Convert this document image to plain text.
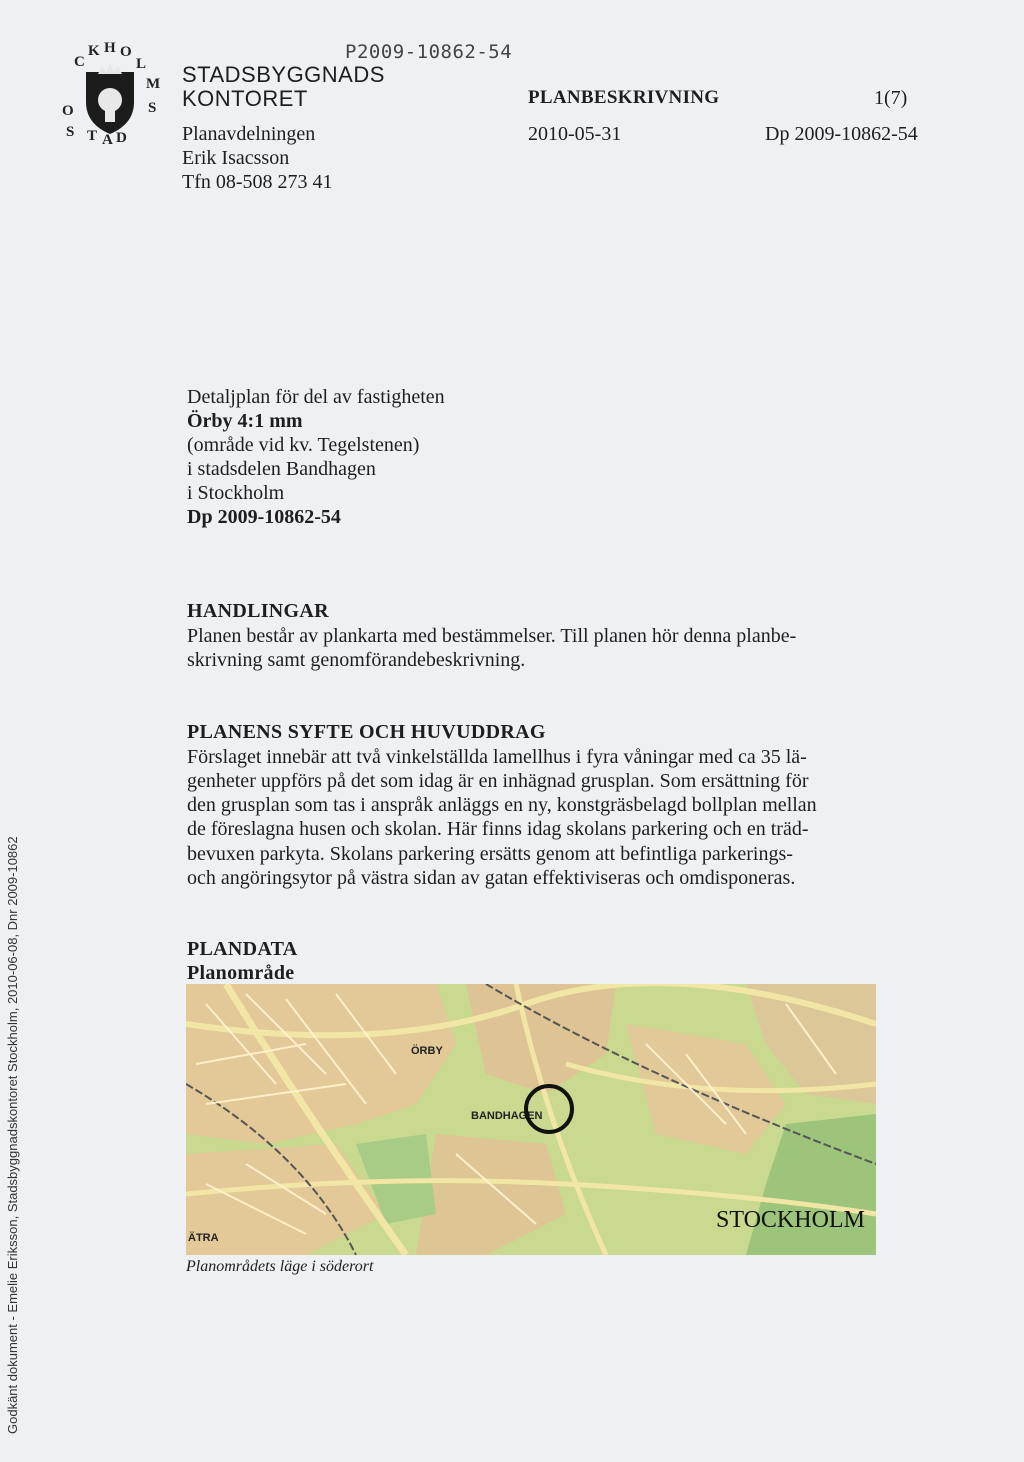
O
C
K H O
L
M
S
T A D
S
P2009-10862-54
STADSBYGGNADS
KONTORET	PLANBESKRIVNING	1(7)
Planavdelningen	2010-05-31	Dp 2009-10862-54
Erik Isacsson
Tfn 08-508 273 41
Detaljplan för del av fastigheten
Örby 4:1 mm
(område vid kv. Tegelstenen)
i stadsdelen Bandhagen
i Stockholm
Dp 2009-10862-54
HANDLINGAR
Planen består av plankarta med bestämmelser. Till planen hör denna planbe-
skrivning samt genomförandebeskrivning.
PLANENS SYFTE OCH HUVUDDRAG
Förslaget innebär att två vinkelställda lamellhus i fyra våningar med ca 35 lä-
genheter uppförs på det som idag är en inhägnad grusplan. Som ersättning för
den grusplan som tas i anspråk anläggs en ny, konstgräsbelagd bollplan mellan
de föreslagna husen och skolan. Här finns idag skolans parkering och en träd-
bevuxen parkyta. Skolans parkering ersätts genom att befintliga parkerings-
och angöringsytor på västra sidan av gatan effektiviseras och omdisponeras.
PLANDATA
Planområde
ÖRBY
BANDHAGEN
STOCKHOLM
ÄTRA
Planområdets läge i söderort
Godkänt dokument - Emelie Eriksson, Stadsbyggnadskontoret Stockholm, 2010-06-08, Dnr 2009-10862
